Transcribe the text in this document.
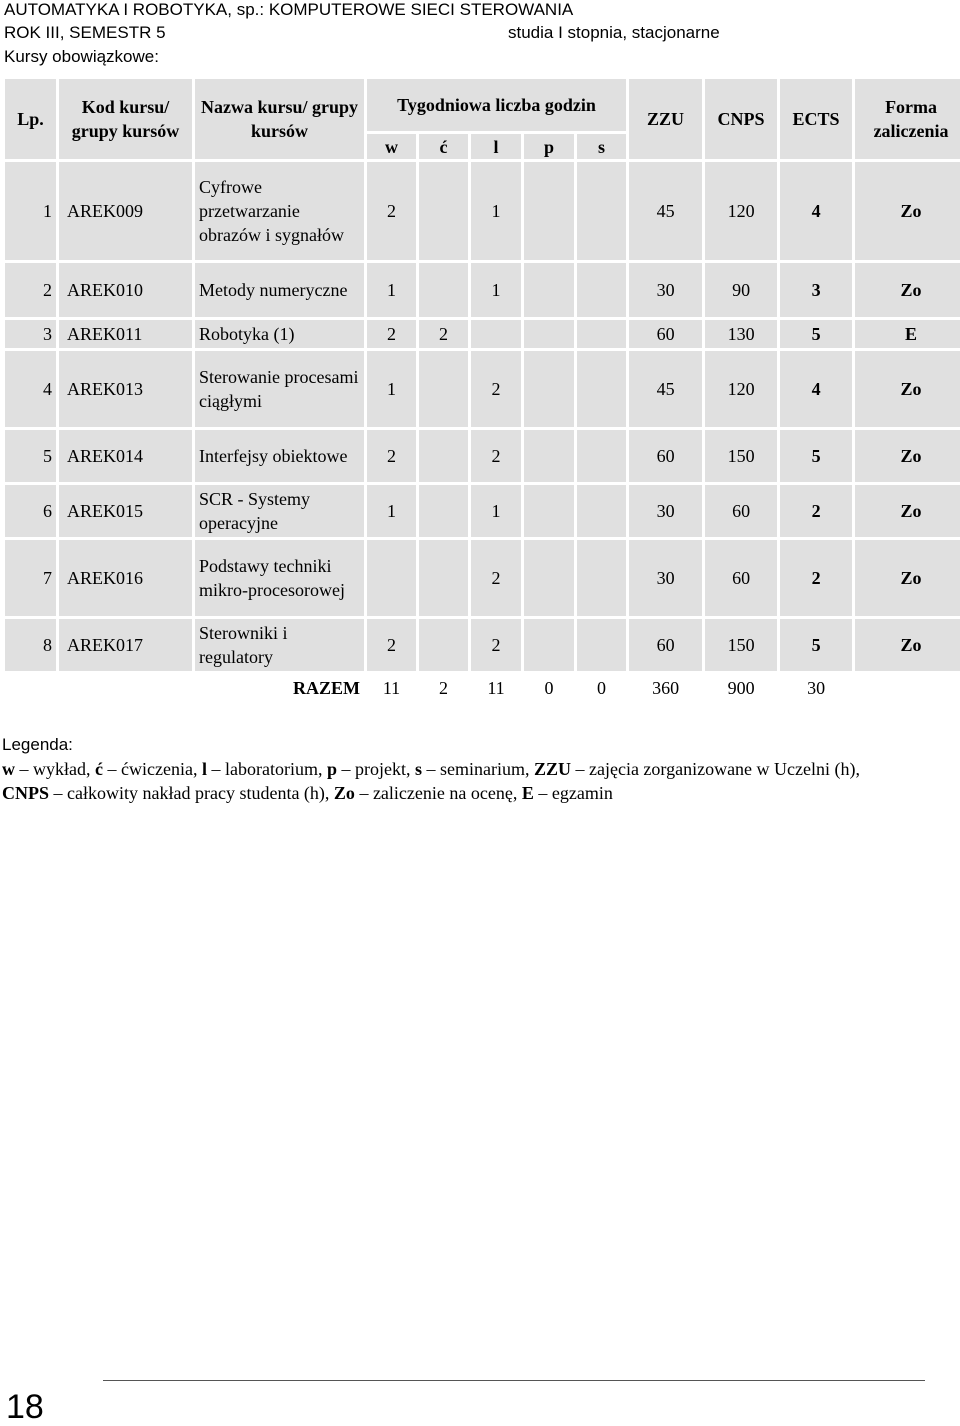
AUTOMATYKA I ROBOTYKA, sp.: KOMPUTEROWE SIECI STEROWANIA
ROK III, SEMESTR 5	studia I stopnia, stacjonarne
Kursy obowiązkowe:
Lp.	Kod kursu/ grupy kursów	Nazwa kursu/ grupy kursów	Tygodniowa liczba godzin					ZZU	CNPS	ECTS	Forma zaliczenia
			w	ć	l	p	s				
1	AREK009	Cyfrowe przetwarzanie obrazów i sygnałów	2		1			45	120	4	Zo
2	AREK010	Metody numeryczne	1		1			30	90	3	Zo
3	AREK011	Robotyka (1)	2	2				60	130	5	E
4	AREK013	Sterowanie procesami ciągłymi	1		2			45	120	4	Zo
5	AREK014	Interfejsy obiektowe	2		2			60	150	5	Zo
6	AREK015	SCR - Systemy operacyjne	1		1			30	60	2	Zo
7	AREK016	Podstawy techniki mikro-procesorowej			2			30	60	2	Zo
8	AREK017	Sterowniki i regulatory	2		2			60	150	5	Zo
RAZEM			11	2	11	0	0	360	900	30	
Legenda:
w – wykład, ć – ćwiczenia, l – laboratorium, p – projekt, s – seminarium, ZZU – zajęcia zorganizowane w Uczelni (h),
CNPS – całkowity nakład pracy studenta (h), Zo – zaliczenie na ocenę, E – egzamin
18
